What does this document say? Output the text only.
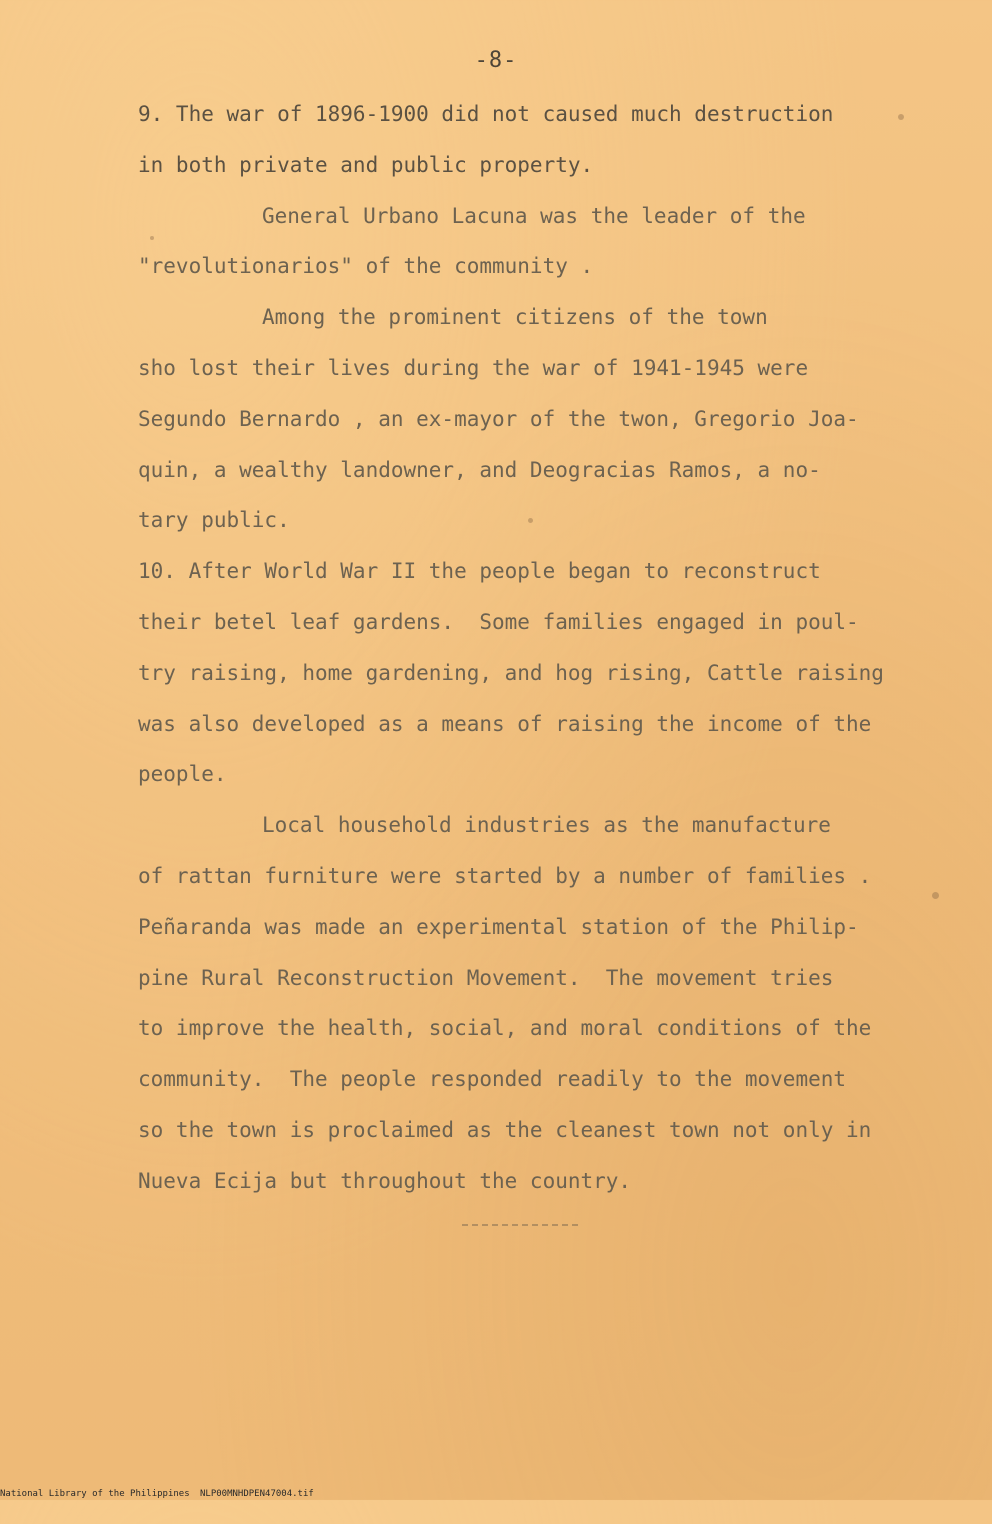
-8-
9. The war of 1896-1900 did not caused much destruction
in both private and public property.
General Urbano Lacuna was the leader of the
"revolutionarios" of the community .
Among the prominent citizens of the town
sho lost their lives during the war of 1941-1945 were
Segundo Bernardo , an ex-mayor of the twon, Gregorio Joa-
quin, a wealthy landowner, and Deogracias Ramos, a no-
tary public.
10. After World War II the people began to reconstruct
their betel leaf gardens.  Some families engaged in poul-
try raising, home gardening, and hog rising, Cattle raising
was also developed as a means of raising the income of the
people.
Local household industries as the manufacture
of rattan furniture were started by a number of families .
Peñaranda was made an experimental station of the Philip-
pine Rural Reconstruction Movement.  The movement tries
to improve the health, social, and moral conditions of the
community.  The people responded readily to the movement
so the town is proclaimed as the cleanest town not only in
Nueva Ecija but throughout the country.

National Library of the Philippines

NLP00MNHDPEN47004.tif
